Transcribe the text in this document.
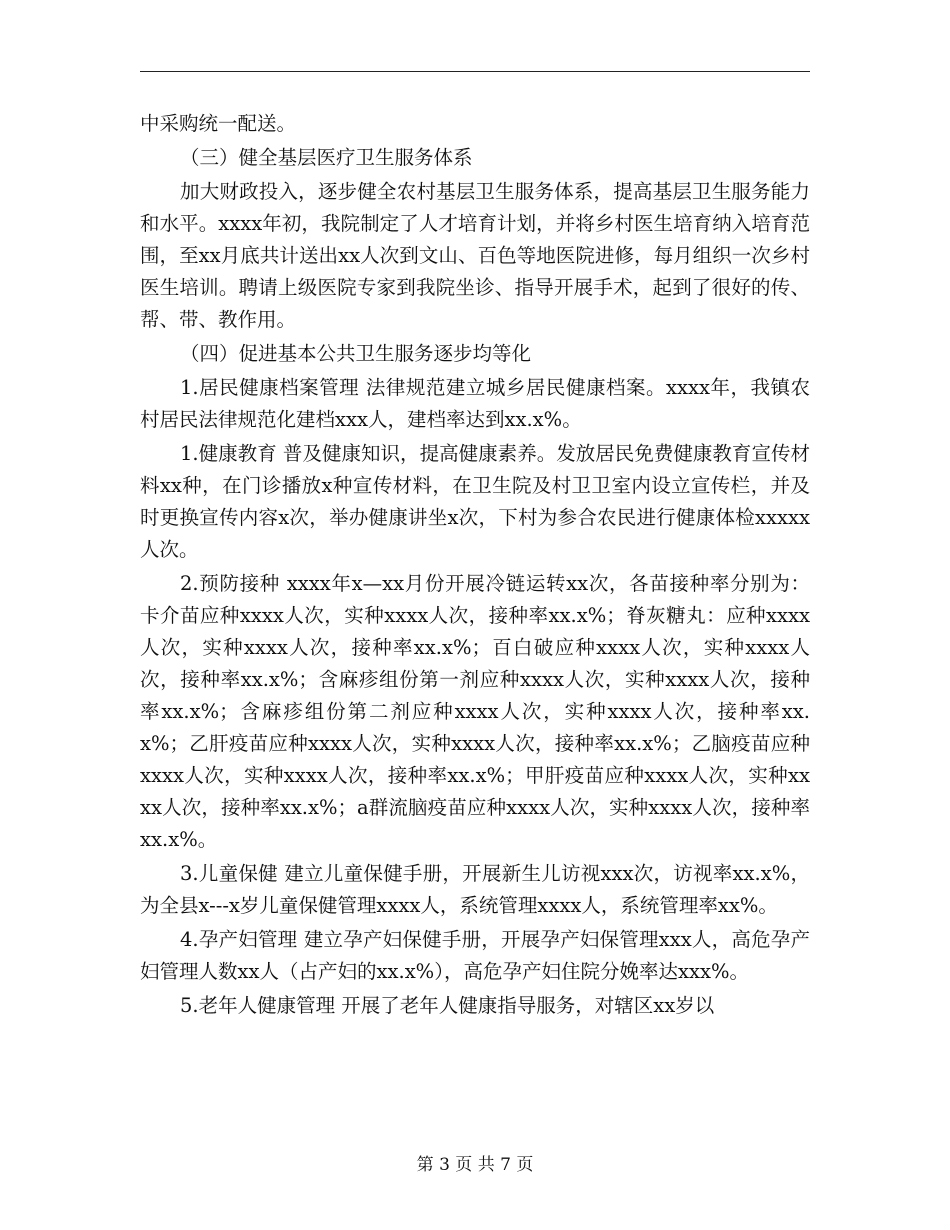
中采购统一配送。

（三）健全基层医疗卫生服务体系

加大财政投入，逐步健全农村基层卫生服务体系，提高基层卫生服务能力和水平。xxxx年初，我院制定了人才培育计划，并将乡村医生培育纳入培育范围，至xx月底共计送出xx人次到文山、百色等地医院进修，每月组织一次乡村医生培训。聘请上级医院专家到我院坐诊、指导开展手术，起到了很好的传、帮、带、教作用。

（四）促进基本公共卫生服务逐步均等化

1.居民健康档案管理 法律规范建立城乡居民健康档案。xxxx年，我镇农村居民法律规范化建档xxx人，建档率达到xx.x%。

1.健康教育 普及健康知识，提高健康素养。发放居民免费健康教育宣传材料xx种，在门诊播放x种宣传材料，在卫生院及村卫卫室内设立宣传栏，并及时更换宣传内容x次，举办健康讲坐x次，下村为参合农民进行健康体检xxxxx人次。

2.预防接种 xxxx年x—xx月份开展冷链运转xx次，各苗接种率分别为：卡介苗应种xxxx人次，实种xxxx人次，接种率xx.x%；脊灰糖丸：应种xxxx人次，实种xxxx人次，接种率xx.x%；百白破应种xxxx人次，实种xxxx人次，接种率xx.x%；含麻疹组份第一剂应种xxxx人次，实种xxxx人次，接种率xx.x%；含麻疹组份第二剂应种xxxx人次，实种xxxx人次，接种率xx.x%；乙肝疫苗应种xxxx人次，实种xxxx人次，接种率xx.x%；乙脑疫苗应种xxxx人次，实种xxxx人次，接种率xx.x%；甲肝疫苗应种xxxx人次，实种xxxx人次，接种率xx.x%；a群流脑疫苗应种xxxx人次，实种xxxx人次，接种率xx.x%。

3.儿童保健 建立儿童保健手册，开展新生儿访视xxx次，访视率xx.x%，为全县x---x岁儿童保健管理xxxx人，系统管理xxxx人，系统管理率xx%。

4.孕产妇管理 建立孕产妇保健手册，开展孕产妇保管理xxx人，高危孕产妇管理人数xx人（占产妇的xx.x%），高危孕产妇住院分娩率达xxx%。

5.老年人健康管理 开展了老年人健康指导服务，对辖区xx岁以

第 3 页 共 7 页
